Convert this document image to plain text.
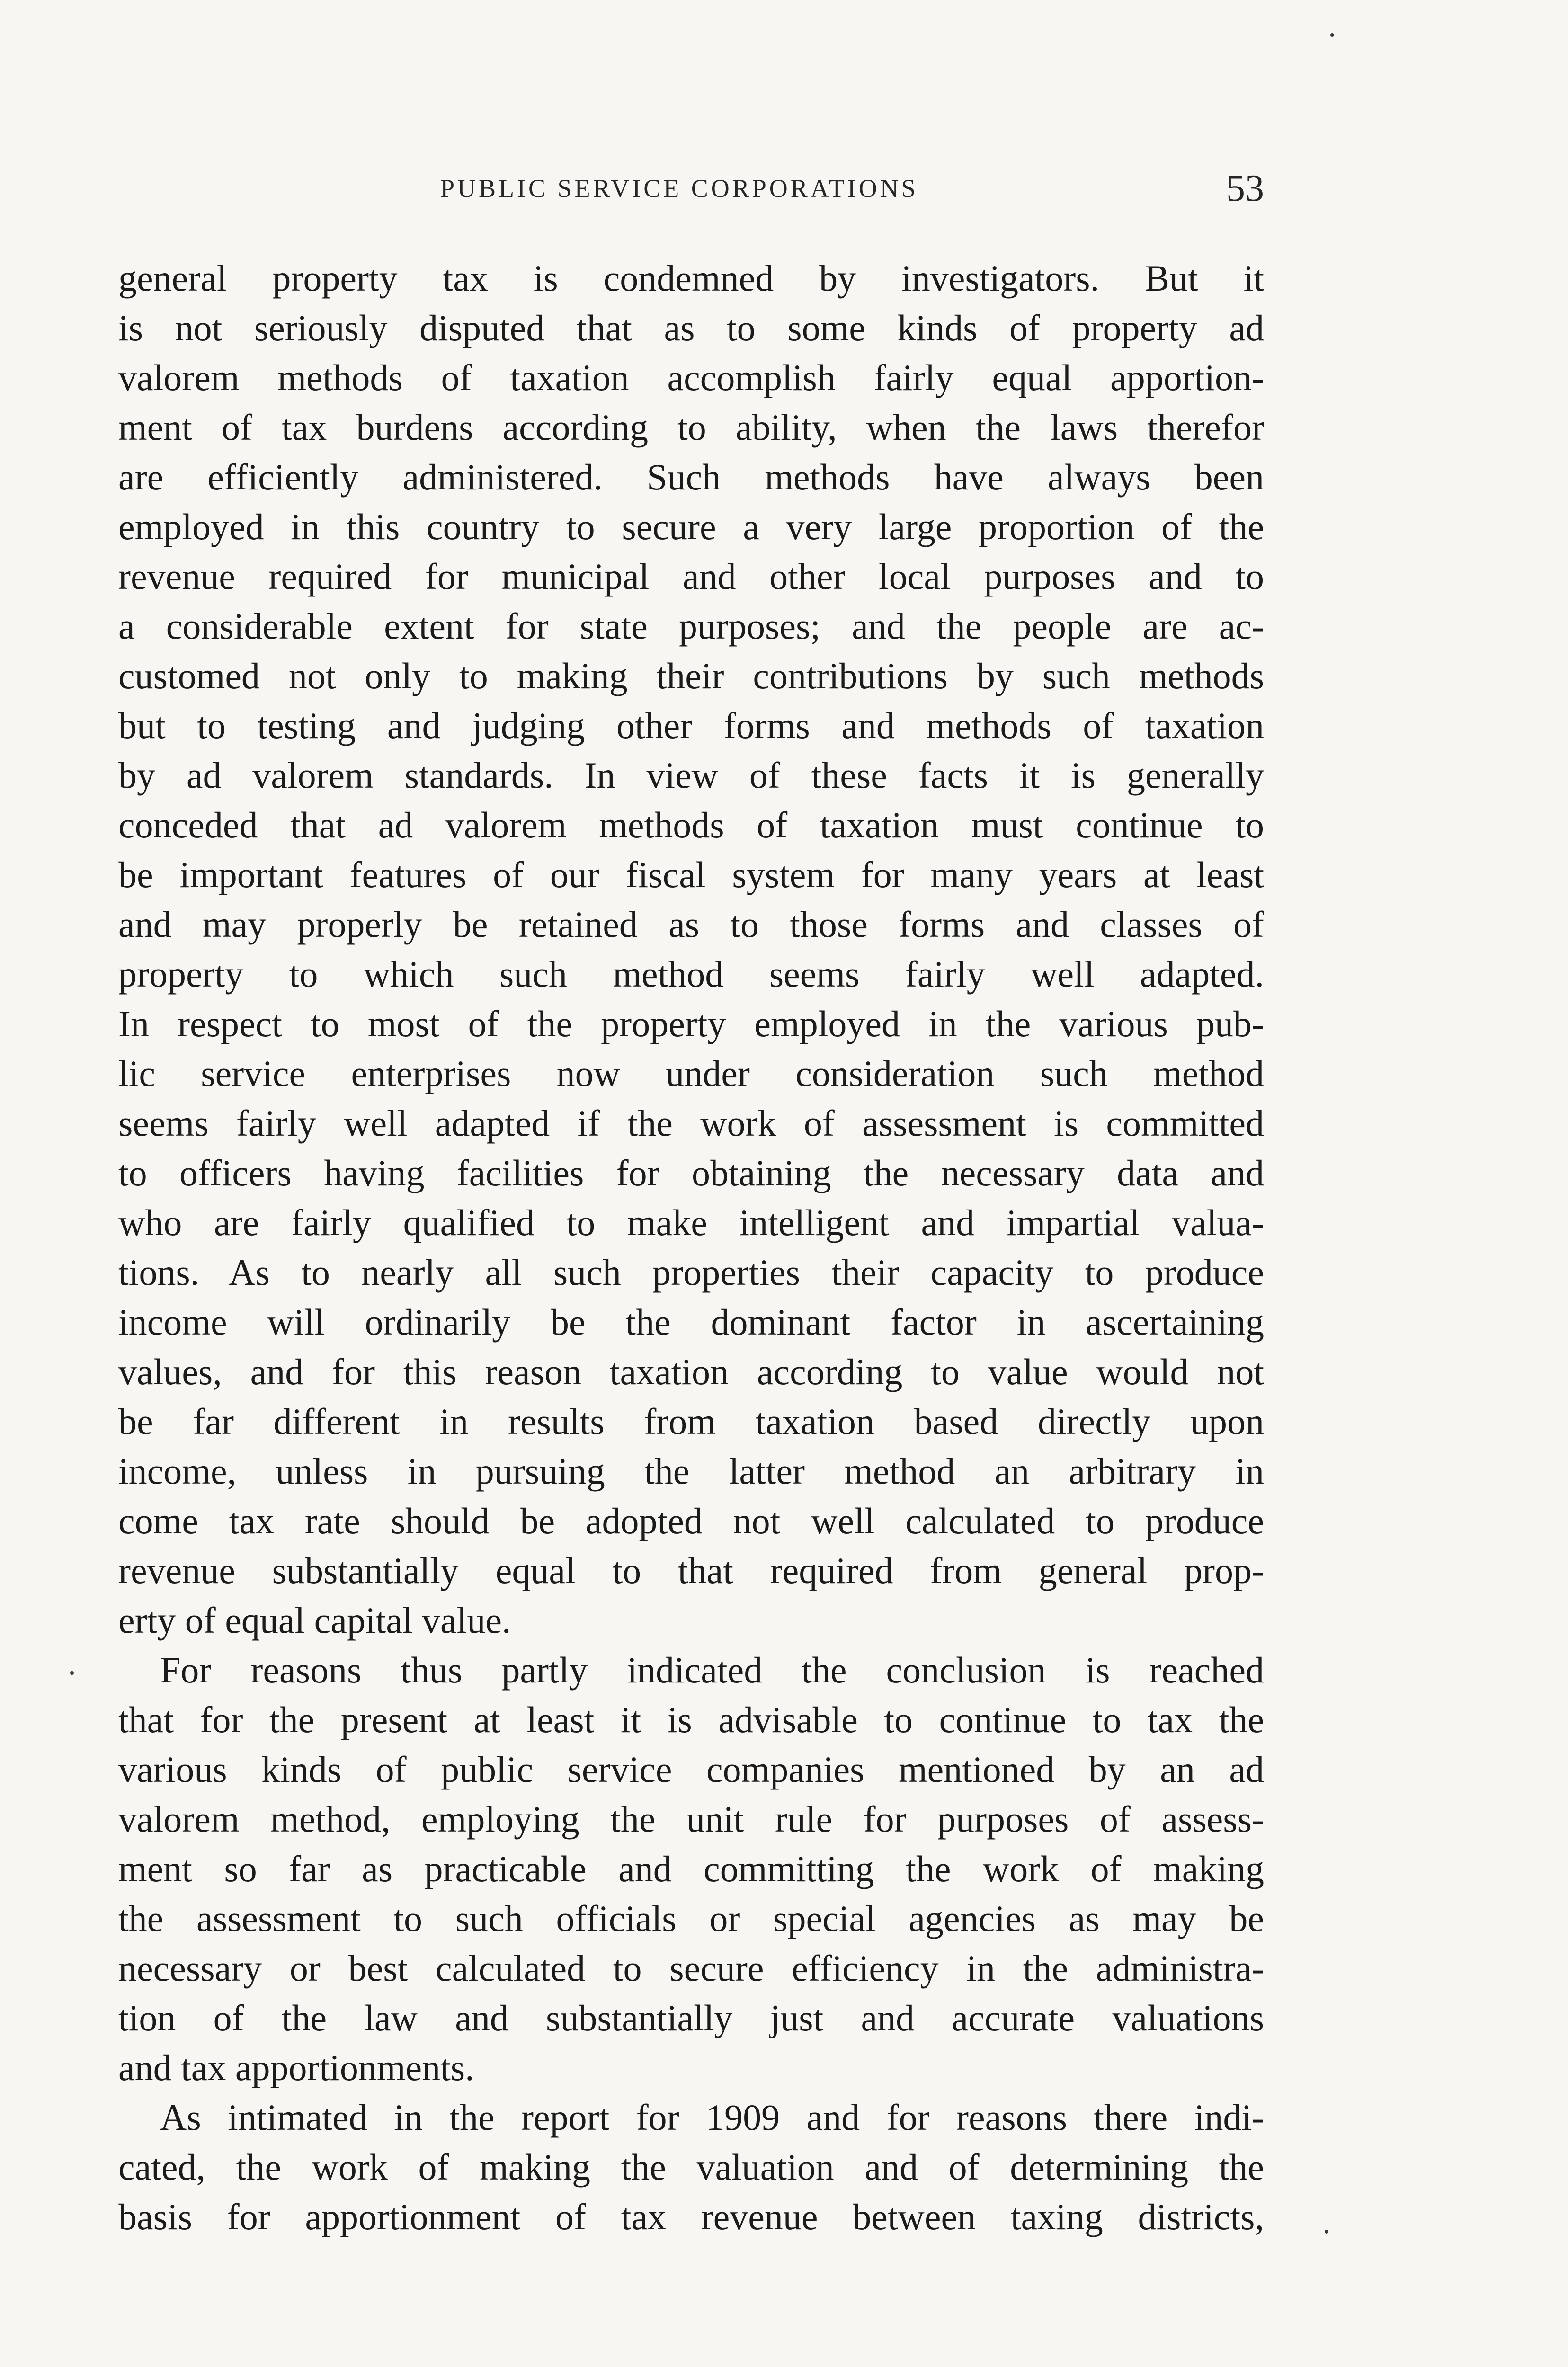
PUBLIC SERVICE CORPORATIONS	53
general property tax is condemned by investigators. But it
is not seriously disputed that as to some kinds of property ad
valorem methods of taxation accomplish fairly equal apportion-
ment of tax burdens according to ability, when the laws therefor
are efficiently administered. Such methods have always been
employed in this country to secure a very large proportion of the
revenue required for municipal and other local purposes and to
a considerable extent for state purposes; and the people are ac-
customed not only to making their contributions by such methods
but to testing and judging other forms and methods of taxation
by ad valorem standards. In view of these facts it is generally
conceded that ad valorem methods of taxation must continue to
be important features of our fiscal system for many years at least
and may properly be retained as to those forms and classes of
property to which such method seems fairly well adapted.
In respect to most of the property employed in the various pub-
lic service enterprises now under consideration such method
seems fairly well adapted if the work of assessment is committed
to officers having facilities for obtaining the necessary data and
who are fairly qualified to make intelligent and impartial valua-
tions. As to nearly all such properties their capacity to produce
income will ordinarily be the dominant factor in ascertaining
values, and for this reason taxation according to value would not
be far different in results from taxation based directly upon
income, unless in pursuing the latter method an arbitrary in
come tax rate should be adopted not well calculated to produce
revenue substantially equal to that required from general prop-
erty of equal capital value.
For reasons thus partly indicated the conclusion is reached
that for the present at least it is advisable to continue to tax the
various kinds of public service companies mentioned by an ad
valorem method, employing the unit rule for purposes of assess-
ment so far as practicable and committing the work of making
the assessment to such officials or special agencies as may be
necessary or best calculated to secure efficiency in the administra-
tion of the law and substantially just and accurate valuations
and tax apportionments.
As intimated in the report for 1909 and for reasons there indi-
cated, the work of making the valuation and of determining the
basis for apportionment of tax revenue between taxing districts,
